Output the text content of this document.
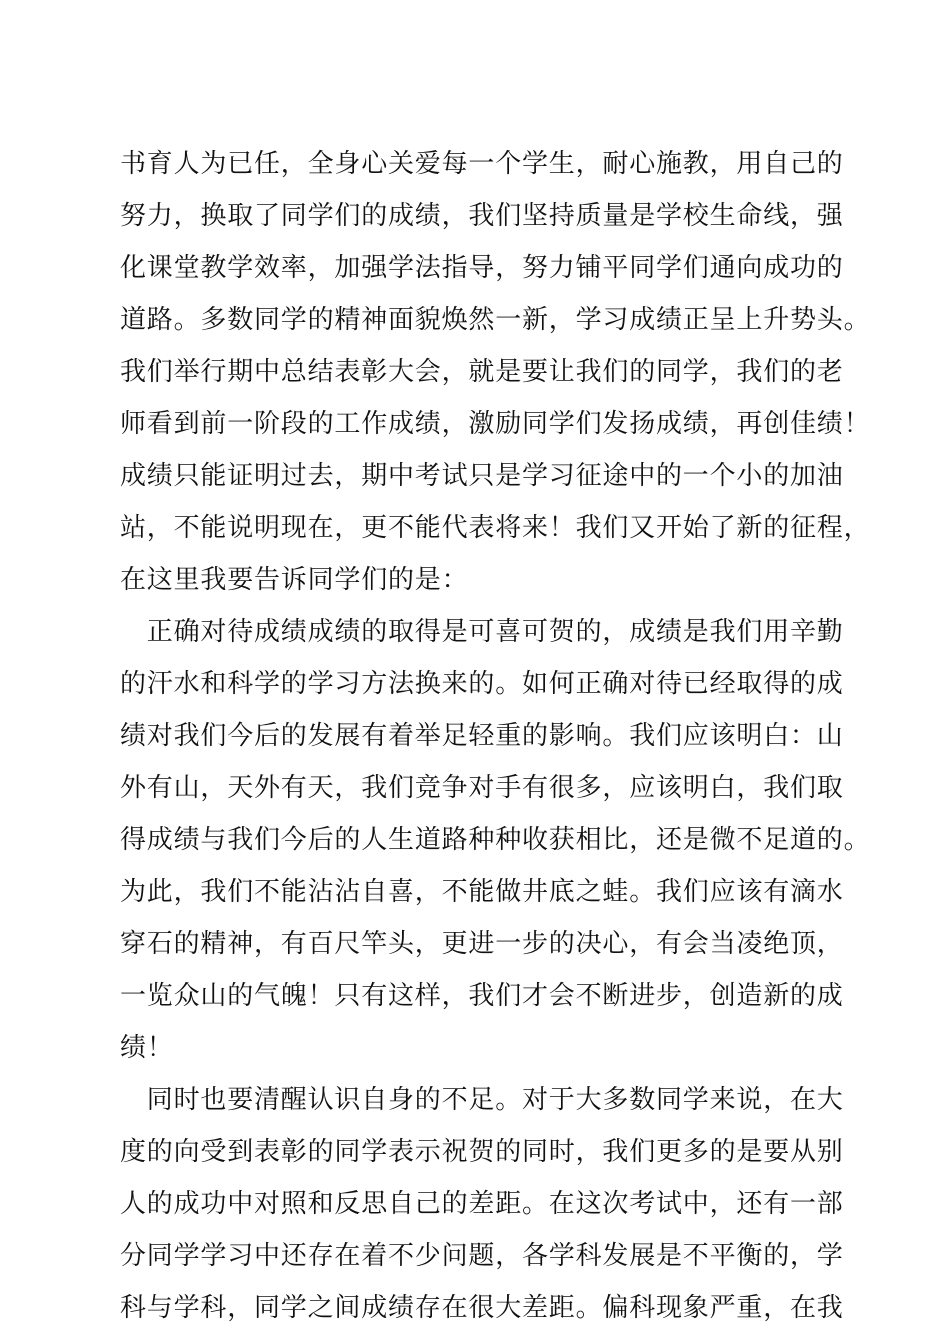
书育人为已任，全身心关爱每一个学生，耐心施教，用自己的
努力，换取了同学们的成绩，我们坚持质量是学校生命线，强
化课堂教学效率，加强学法指导，努力铺平同学们通向成功的
道路。多数同学的精神面貌焕然一新，学习成绩正呈上升势头。
我们举行期中总结表彰大会，就是要让我们的同学，我们的老
师看到前一阶段的工作成绩，激励同学们发扬成绩，再创佳绩！
成绩只能证明过去，期中考试只是学习征途中的一个小的加油
站，不能说明现在，更不能代表将来！我们又开始了新的征程，
在这里我要告诉同学们的是：
　正确对待成绩成绩的取得是可喜可贺的，成绩是我们用辛勤
的汗水和科学的学习方法换来的。如何正确对待已经取得的成
绩对我们今后的发展有着举足轻重的影响。我们应该明白：山
外有山，天外有天，我们竞争对手有很多，应该明白，我们取
得成绩与我们今后的人生道路种种收获相比，还是微不足道的。
为此，我们不能沾沾自喜，不能做井底之蛙。我们应该有滴水
穿石的精神，有百尺竿头，更进一步的决心，有会当凌绝顶，
一览众山的气魄！只有这样，我们才会不断进步，创造新的成
绩！
　同时也要清醒认识自身的不足。对于大多数同学来说，在大
度的向受到表彰的同学表示祝贺的同时，我们更多的是要从别
人的成功中对照和反思自己的差距。在这次考试中，还有一部
分同学学习中还存在着不少问题，各学科发展是不平衡的，学
科与学科，同学之间成绩存在很大差距。偏科现象严重，在我
